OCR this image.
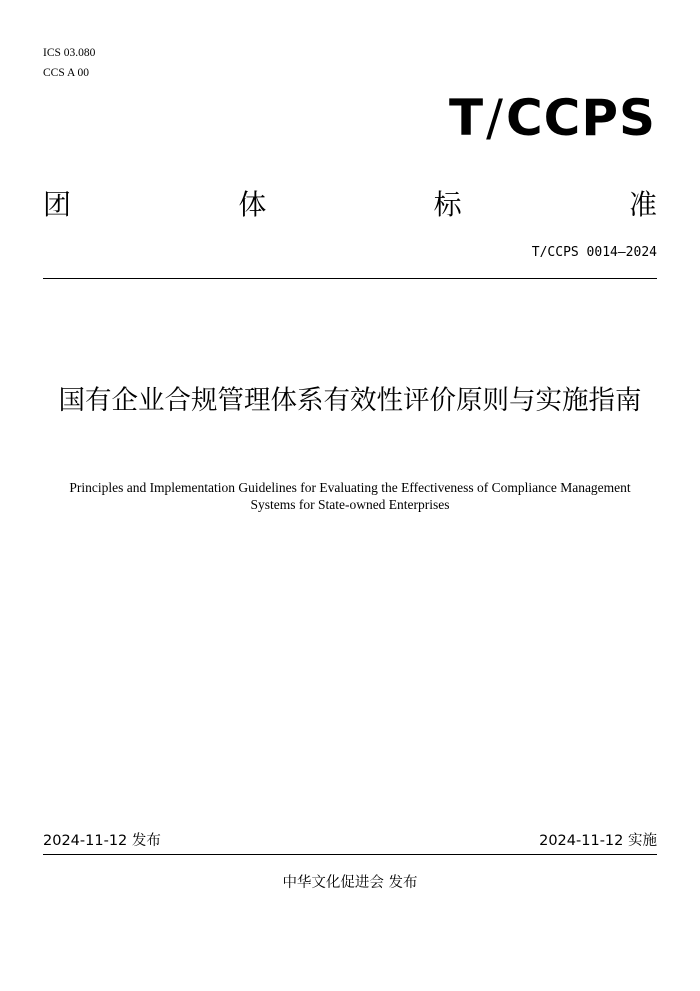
ICS 03.080
CCS A 00
T/CCPS
团	体	标	准
T/CCPS 0014—2024
国有企业合规管理体系有效性评价原则与实施指南
Principles and Implementation Guidelines for Evaluating the Effectiveness of Compliance Management Systems for State-owned Enterprises
2024-11-12 发布	2024-11-12 实施
中华文化促进会 发布
